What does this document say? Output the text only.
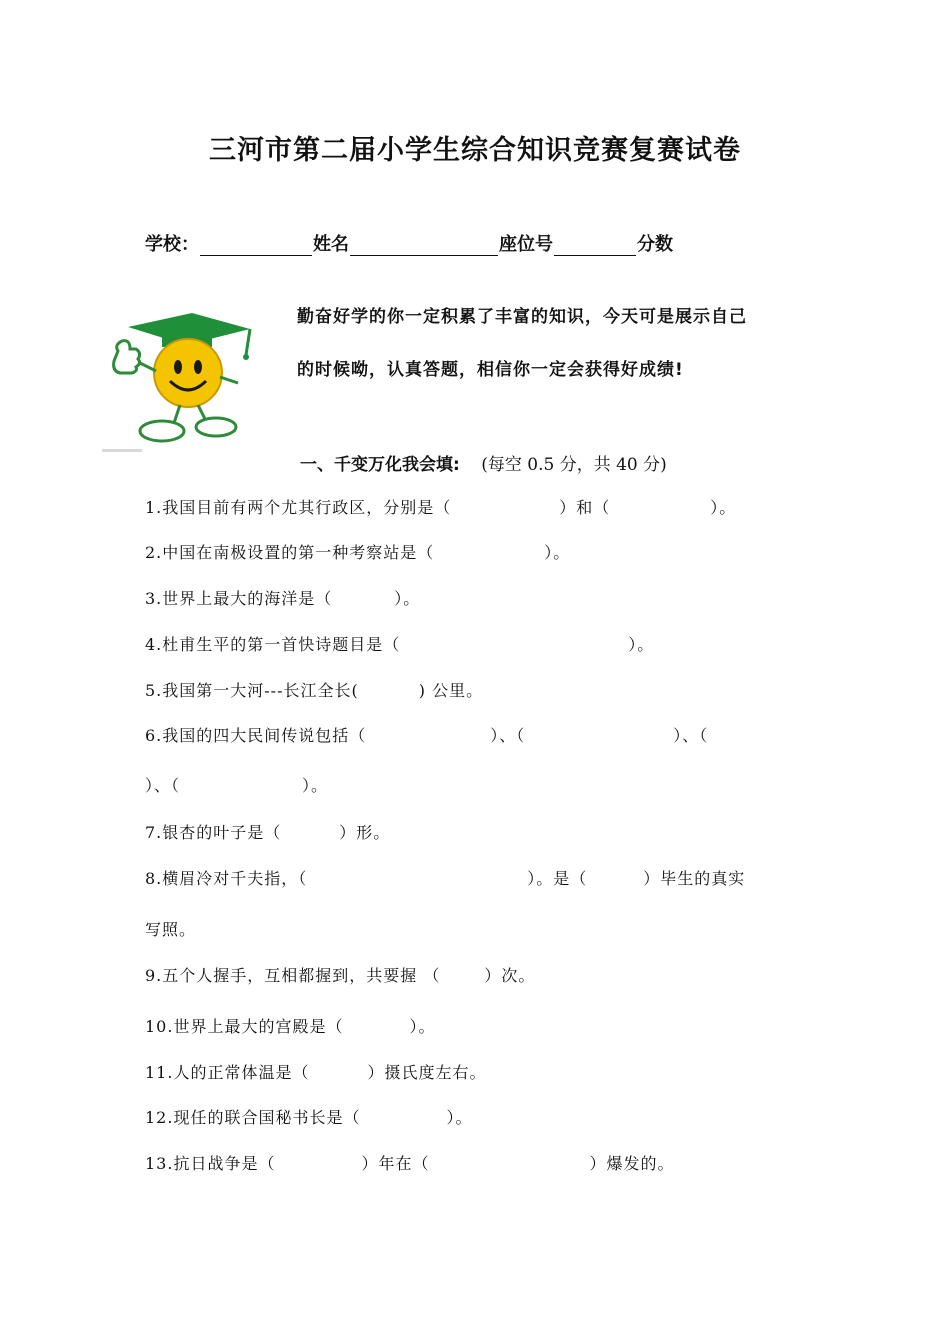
三河市第二届小学生综合知识竞赛复赛试卷
学校：	姓名	座位号	分数
勤奋好学的你一定积累了丰富的知识，今天可是展示自己
的时候呦，认真答题，相信你一定会获得好成绩!
一、千变万化我会填: (每空 0.5 分，共 40 分)
1.我国目前有两个尤其行政区，分别是（	）和（	）。
2.中国在南极设置的第一种考察站是（	）。
3.世界上最大的海洋是（	）。
4.杜甫生平的第一首快诗题目是（	）。
5.我国第一大河---长江全长(	) 公里。
6.我国的四大民间传说包括（	）、（	）、（
）、（	）。
7.银杏的叶子是（	）形。
8.横眉冷对千夫指，（	）。是（	）毕生的真实
写照。
9.五个人握手，互相都握到，共要握 （	）次。
10.世界上最大的宫殿是（	）。
11.人的正常体温是（	）摄氏度左右。
12.现任的联合国秘书长是（	）。
13.抗日战争是（	）年在（	）爆发的。
